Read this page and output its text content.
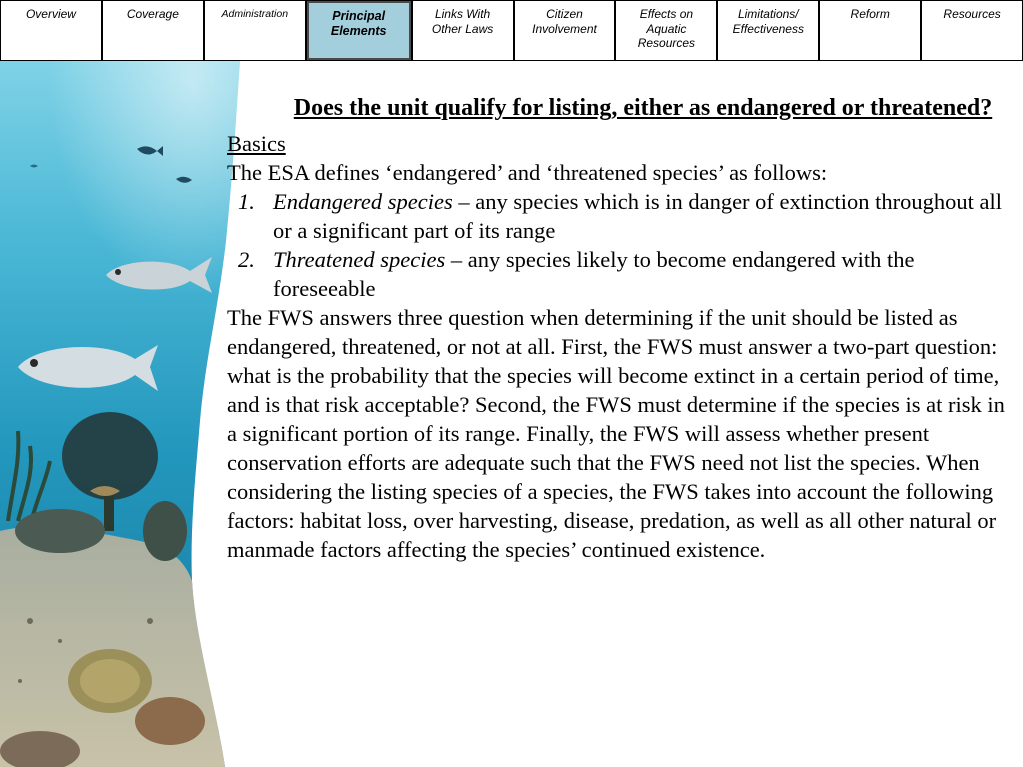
Overview	Coverage	Administration	Principal
Elements
Links With
Other Laws
Citizen
Involvement
Effects on
Aquatic
Resources
Limitations/
Effectiveness
Reform	Resources
Does the unit qualify for listing, either as endangered or threatened?
Basics
The ESA defines ‘endangered’ and ‘threatened species’ as follows:
1. Endangered species – any species which is in danger of extinction throughout all or a significant part of its range
2. Threatened species – any species likely to become endangered with the foreseeable

The FWS answers three question when determining if the unit should be listed as endangered, threatened, or not at all. First, the FWS must answer a two-part question: what is the probability that the species will become extinct in a certain period of time, and is that risk acceptable? Second, the FWS must determine if the species is at risk in a significant portion of its range. Finally, the FWS will assess whether present conservation efforts are adequate such that the FWS need not list the species. When considering the listing species of a species, the FWS takes into account the following factors: habitat loss, over harvesting, disease, predation, as well as all other natural or manmade factors affecting the species’ continued existence.
